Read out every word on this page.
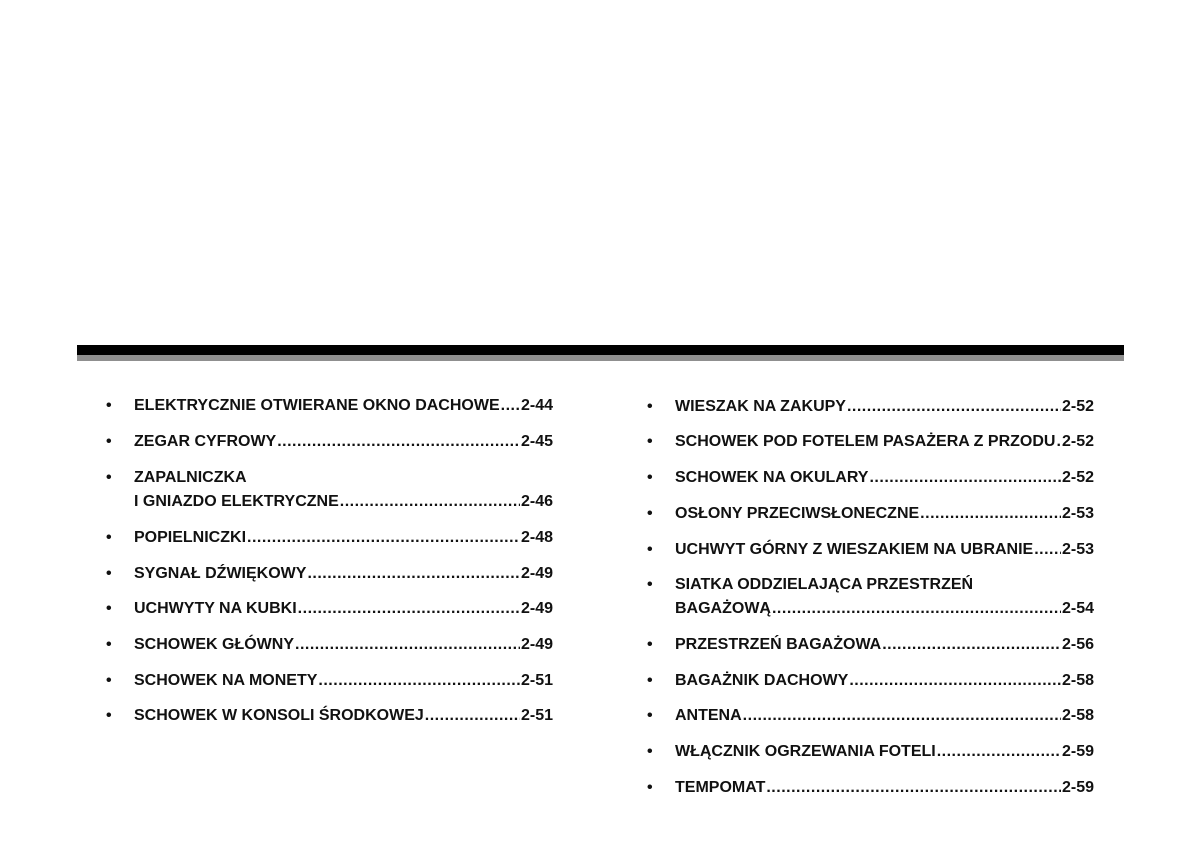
• ELEKTRYCZNIE OTWIERANE OKNO DACHOWE ..... 2-44
• ZEGAR CYFROWY .....	2-45
• ZAPALNICZKA
I GNIAZDO ELEKTRYCZNE .....	2-46
• POPIELNICZKI .....	2-48
• SYGNAŁ DŹWIĘKOWY .....	2-49
• UCHWYTY NA KUBKI .....	2-49
• SCHOWEK GŁÓWNY .....	2-49
• SCHOWEK NA MONETY .....	2-51
• SCHOWEK W KONSOLI ŚRODKOWEJ .....	2-51
• WIESZAK NA ZAKUPY .....	2-52
• SCHOWEK POD FOTELEM PASAŻERA Z PRZODU ..... 2-52
• SCHOWEK NA OKULARY .....	2-52
• OSŁONY PRZECIWSŁONECZNE .....	2-53
• UCHWYT GÓRNY Z WIESZAKIEM NA UBRANIE ..... 2-53
• SIATKA ODDZIELAJĄCA PRZESTRZEŃ
BAGAŻOWĄ .....	2-54
• PRZESTRZEŃ BAGAŻOWA .....	2-56
• BAGAŻNIK DACHOWY .....	2-58
• ANTENA .....	2-58
• WŁĄCZNIK OGRZEWANIA FOTELI .....	2-59
• TEMPOMAT .....	2-59
